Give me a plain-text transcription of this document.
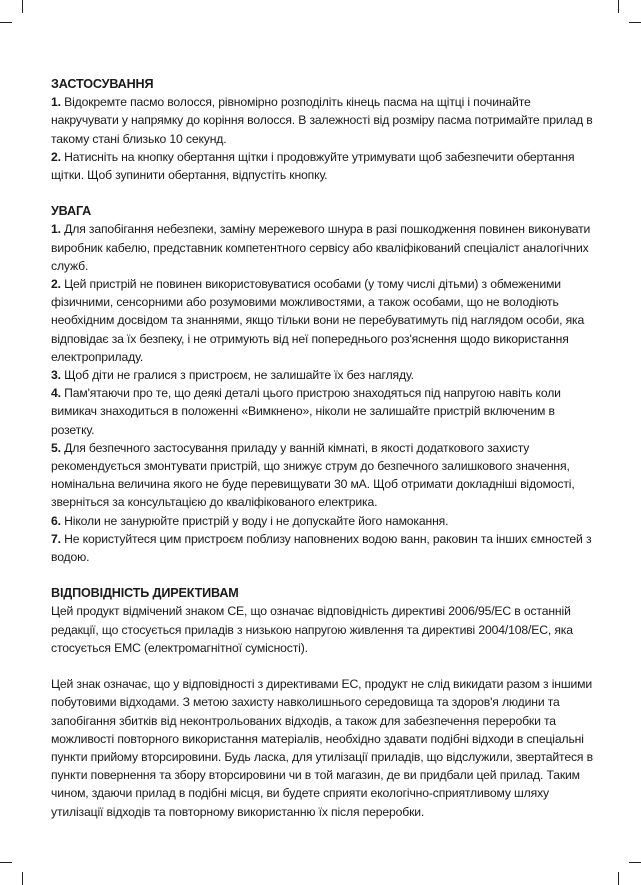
ЗАСТОСУВАННЯ

1. Відокремте пасмо волосся, рівномірно розподіліть кінець пасма на щітці і починайте накручувати у напрямку до коріння волосся. В залежності від розміру пасма потримайте прилад в такому стані близько 10 секунд.

2. Натисніть на кнопку обертання щітки і продовжуйте утримувати щоб забезпечити обертання щітки. Щоб зупинити обертання, відпустіть кнопку.

УВАГА

1. Для запобігання небезпеки, заміну мережевого шнура в разі пошкодження повинен виконувати виробник кабелю, представник компетентного сервісу або кваліфікований спеціаліст аналогічних служб.

2. Цей пристрій не повинен використовуватися особами (у тому числі дітьми) з обмеженими фізичними, сенсорними або розумовими можливостями, а також особами, що не володіють необхідним досвідом та знаннями, якщо тільки вони не перебуватимуть під наглядом особи, яка відповідає за їх безпеку, і не отримують від неї попереднього роз'яснення щодо використання електроприладу.

3. Щоб діти не гралися з пристроєм, не залишайте їх без нагляду.

4. Пам'ятаючи про те, що деякі деталі цього пристрою знаходяться під напругою навіть коли вимикач знаходиться в положенні «Вимкнено», ніколи не залишайте пристрій включеним в розетку.

5. Для безпечного застосування приладу у ванній кімнаті, в якості додаткового захисту рекомендується змонтувати пристрій, що знижує струм до безпечного залишкового значення, номінальна величина якого не буде перевищувати 30 мА. Щоб отримати докладніші відомості, зверніться за консультацією до кваліфікованого електрика.

6. Ніколи не занурюйте пристрій у воду і не допускайте його намокання.

7. Не користуйтеся цим пристроєм поблизу наповнених водою ванн, раковин та інших ємностей з водою.

ВІДПОВІДНІСТЬ ДИРЕКТИВАМ

Цей продукт відмічений знаком CE, що означає відповідність директиві 2006/95/EC в останній редакції, що стосується приладів з низькою напругою живлення та директиві 2004/108/EC, яка стосується EMC (електромагнітної сумісності).

Цей знак означає, що у відповідності з директивами ЕС, продукт не слід викидати разом з іншими побутовими відходами. З метою захисту навколишнього середовища та здоров'я людини та запобігання збитків від неконтрольованих відходів, а також для забезпечення переробки та можливості повторного використання матеріалів, необхідно здавати подібні відходи в спеціальні пункти прийому вторсировини. Будь ласка, для утилізації приладів, що відслужили, звертайтеся в пункти повернення та збору вторсировини чи в той магазин, де ви придбали цей прилад. Таким чином, здаючи прилад в подібні місця, ви будете сприяти екологічно-сприятливому шляху утилізації відходів та повторному використанню їх після переробки.
